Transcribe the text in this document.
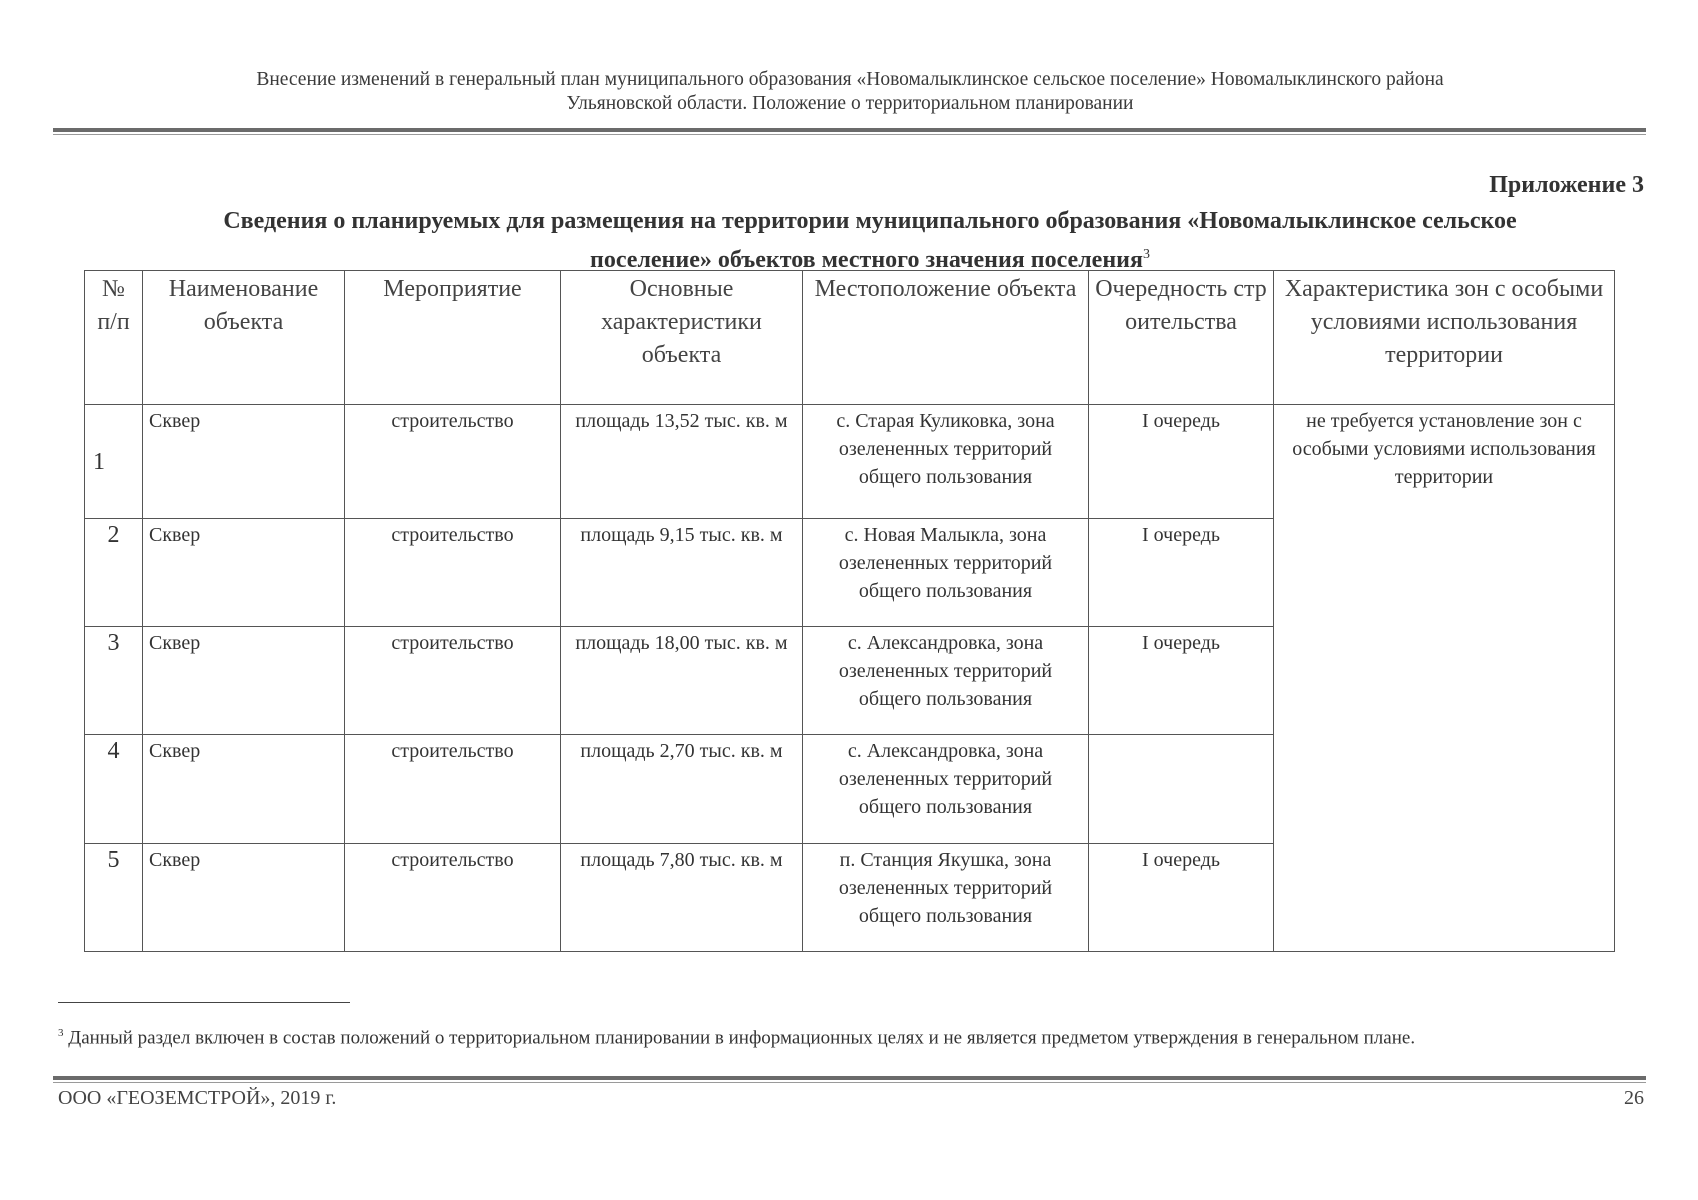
Внесение изменений в генеральный план муниципального образования «Новомалыклинское сельское поселение» Новомалыклинского района
Ульяновской области. Положение о территориальном планировании
Приложение 3
Сведения о планируемых для размещения на территории муниципального образования «Новомалыклинское сельское
поселение» объектов местного значения поселения$^3$
№ п/п	Наименование объекта	Мероприятие	Основные характеристики объекта	Местоположение объекта	Очередность строительства	Характеристика зон с особыми условиями использования территории
1	Сквер	строительство	площадь 13,52 тыс. кв. м	с. Старая Куликовка, зона озелененных территорий общего пользования	I очередь	не требуется установление зон с особыми условиями использования территории
2	Сквер	строительство	площадь 9,15 тыс. кв. м	с. Новая Малыкла, зона озелененных территорий общего пользования	I очередь	
3	Сквер	строительство	площадь 18,00 тыс. кв. м	с. Александровка, зона озелененных территорий общего пользования	I очередь	
4	Сквер	строительство	площадь 2,70 тыс. кв. м	с. Александровка, зона озелененных территорий общего пользования		
5	Сквер	строительство	площадь 7,80 тыс. кв. м	п. Станция Якушка, зона озелененных территорий общего пользования	I очередь	
$^3$ Данный раздел включен в состав положений о территориальном планировании в информационных целях и не является предметом утверждения в генеральном плане.
ООО «ГЕОЗЕМСТРОЙ», 2019 г.	26
